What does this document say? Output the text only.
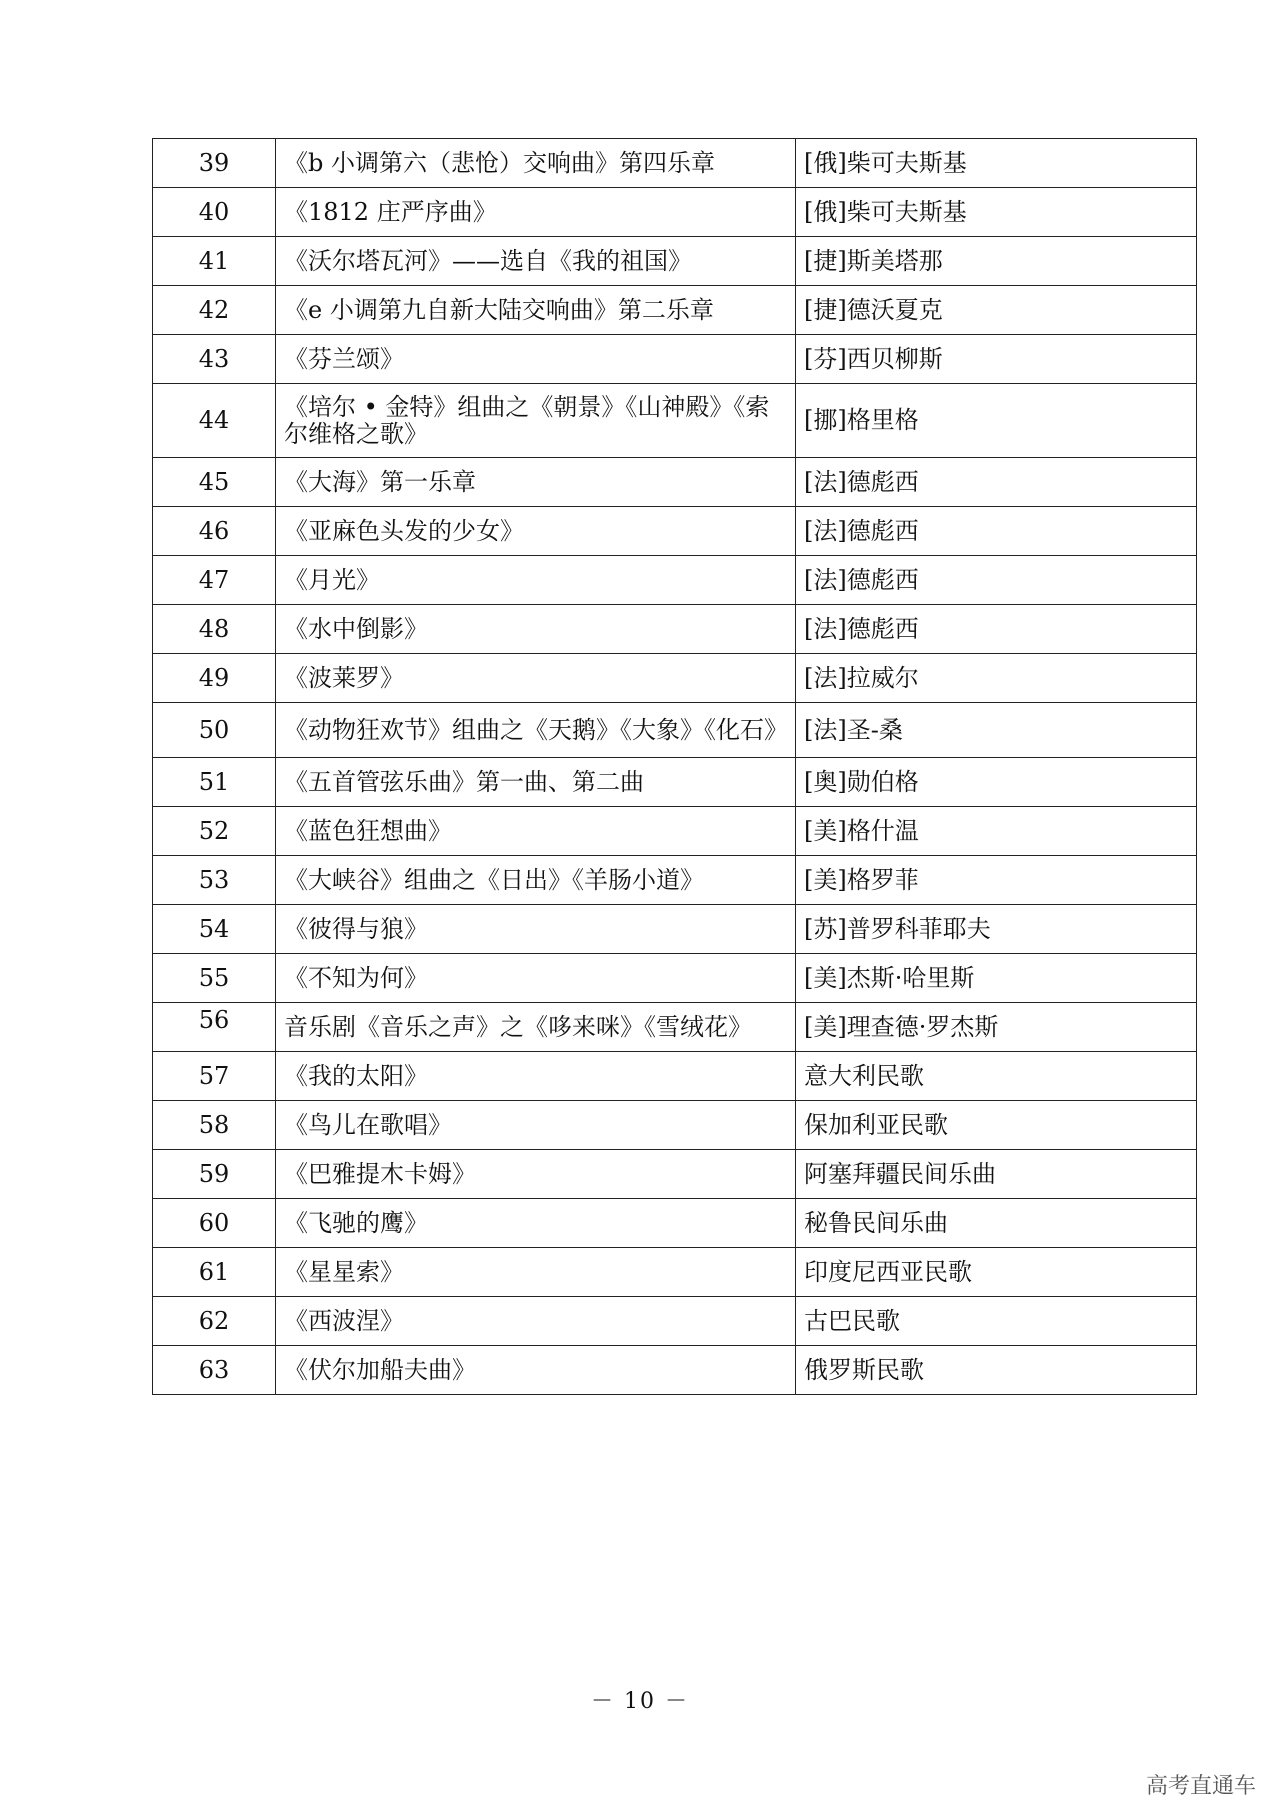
39	《b 小调第六（悲怆）交响曲》第四乐章	[俄]柴可夫斯基
40	《1812 庄严序曲》	[俄]柴可夫斯基
41	《沃尔塔瓦河》——选自《我的祖国》	[捷]斯美塔那
42	《e 小调第九自新大陆交响曲》第二乐章	[捷]德沃夏克
43	《芬兰颂》	[芬]西贝柳斯
44	《培尔 • 金特》组曲之《朝景》《山神殿》《索尔维格之歌》	[挪]格里格
45	《大海》第一乐章	[法]德彪西
46	《亚麻色头发的少女》	[法]德彪西
47	《月光》	[法]德彪西
48	《水中倒影》	[法]德彪西
49	《波莱罗》	[法]拉威尔
50	《动物狂欢节》组曲之《天鹅》《大象》《化石》	[法]圣-桑
51	《五首管弦乐曲》第一曲、第二曲	[奥]勋伯格
52	《蓝色狂想曲》	[美]格什温
53	《大峡谷》组曲之《日出》《羊肠小道》	[美]格罗菲
54	《彼得与狼》	[苏]普罗科菲耶夫
55	《不知为何》	[美]杰斯·哈里斯
56	音乐剧《音乐之声》之《哆来咪》《雪绒花》	[美]理查德·罗杰斯
57	《我的太阳》	意大利民歌
58	《鸟儿在歌唱》	保加利亚民歌
59	《巴雅提木卡姆》	阿塞拜疆民间乐曲
60	《飞驰的鹰》	秘鲁民间乐曲
61	《星星索》	印度尼西亚民歌
62	《西波涅》	古巴民歌
63	《伏尔加船夫曲》	俄罗斯民歌
－ 10 －
高考直通车
